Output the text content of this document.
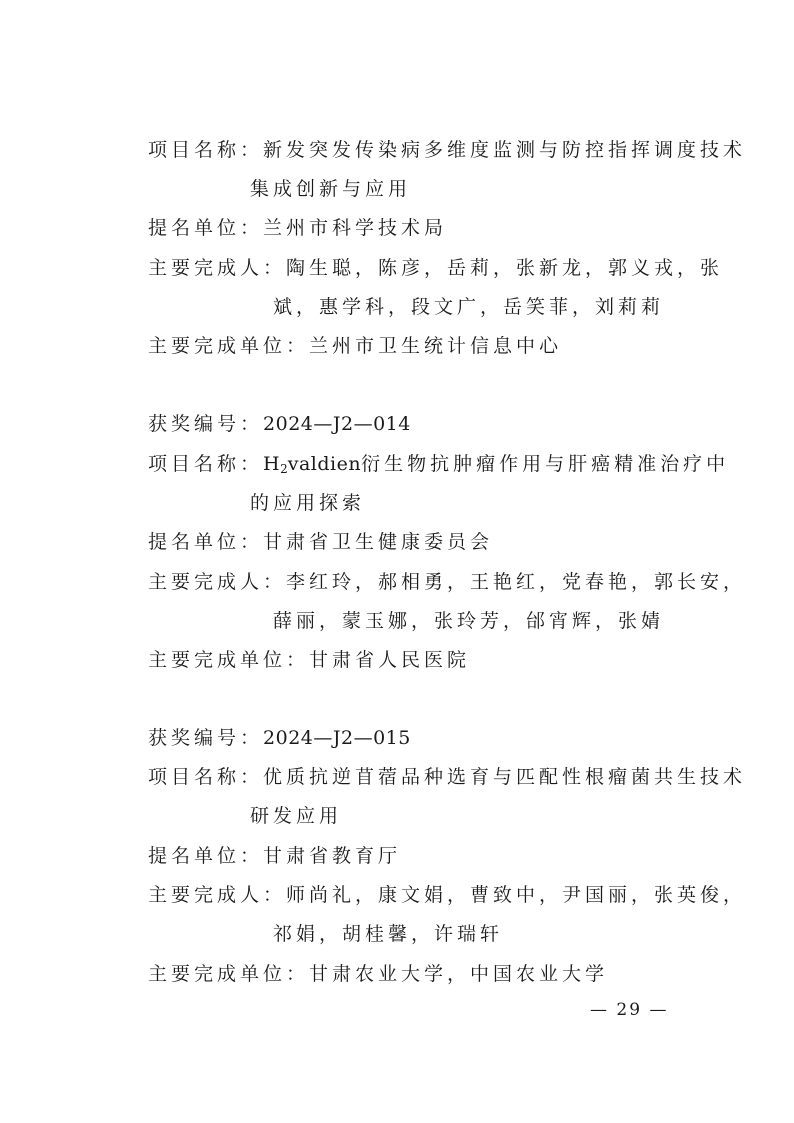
项目名称：新发突发传染病多维度监测与防控指挥调度技术
集成创新与应用
提名单位：兰州市科学技术局
主要完成人：陶生聪，陈彦，岳莉，张新龙，郭义戎，张
斌，惠学科，段文广，岳笑菲，刘莉莉
主要完成单位：兰州市卫生统计信息中心
获奖编号：2024—J2—014
项目名称：$H_2valdien$衍生物抗肿瘤作用与肝癌精准治疗中
的应用探索
提名单位：甘肃省卫生健康委员会
主要完成人：李红玲，郝相勇，王艳红，党春艳，郭长安，
薛丽，蒙玉娜，张玲芳，邰宵辉，张婧
主要完成单位：甘肃省人民医院
获奖编号：2024—J2—015
项目名称：优质抗逆苜蓿品种选育与匹配性根瘤菌共生技术
研发应用
提名单位：甘肃省教育厅
主要完成人：师尚礼，康文娟，曹致中，尹国丽，张英俊，
祁娟，胡桂馨，许瑞轩
主要完成单位：甘肃农业大学，中国农业大学
— 29 —
